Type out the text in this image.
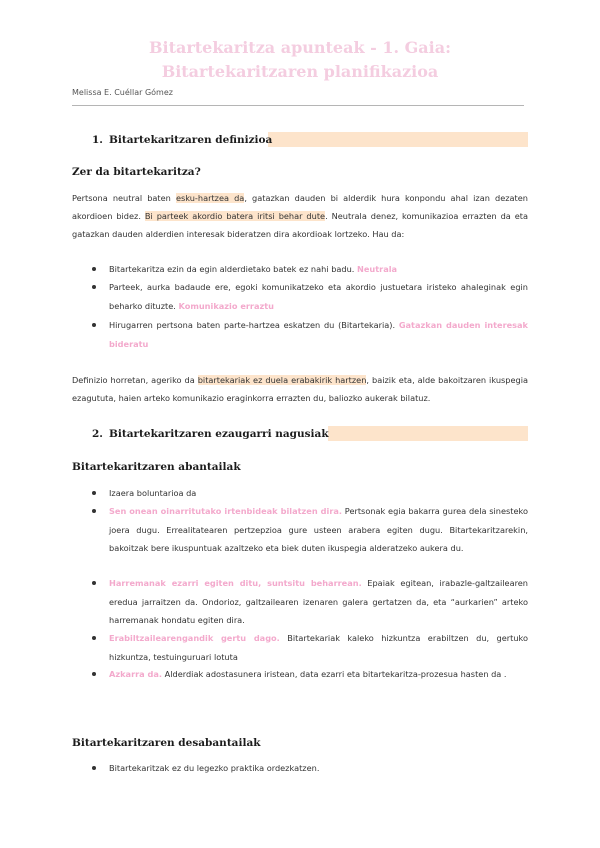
Bitartekaritza apunteak - 1. Gaia: Bitartekaritzaren planifikazioa
Melissa E. Cuéllar Gómez
1. Bitartekaritzaren definizioa
Zer da bitartekaritza?
Pertsona neutral baten esku-hartzea da, gatazkan dauden bi alderdik hura konpondu ahal izan dezaten akordioen bidez. Bi parteek akordio batera iritsi behar dute. Neutrala denez, komunikazioa errazten da eta gatazkan dauden alderdien interesak bideratzen dira akordioak lortzeko. Hau da:
Bitartekaritza ezin da egin alderdietako batek ez nahi badu. Neutrala
Parteek, aurka badaude ere, egoki komunikatzeko eta akordio justuetara iristeko ahaleginak egin beharko dituzte. Komunikazio erraztu
Hirugarren pertsona baten parte-hartzea eskatzen du (Bitartekaria). Gatazkan dauden interesak bideratu
Definizio horretan, ageriko da bitartekariak ez duela erabakirik hartzen, baizik eta, alde bakoitzaren ikuspegia ezagututa, haien arteko komunikazio eraginkorra errazten du, baliozko aukerak bilatuz.
2. Bitartekaritzaren ezaugarri nagusiak
Bitartekaritzaren abantailak
Izaera boluntarioa da
Sen onean oinarritutako irtenbideak bilatzen dira. Pertsonak egia bakarra gurea dela sinesteko joera dugu. Errealitatearen pertzepzioa gure usteen arabera egiten dugu. Bitartekaritzarekin, bakoitzak bere ikuspuntuak azaltzeko eta biek duten ikuspegia alderatzeko aukera du.
Harremanak ezarri egiten ditu, suntsitu beharrean. Epaiak egitean, irabazle-galtzailearen eredua jarraitzen da. Ondorioz, galtzailearen izenaren galera gertatzen da, eta “aurkarien” arteko harremanak hondatu egiten dira.
Erabiltzailearengandik gertu dago. Bitartekariak kaleko hizkuntza erabiltzen du, gertuko hizkuntza, testuinguruari lotuta
Azkarra da. Alderdiak adostasunera iristean, data ezarri eta bitartekaritza-prozesua hasten da .
Bitartekaritzaren desabantailak
Bitartekaritzak ez du legezko praktika ordezkatzen.
